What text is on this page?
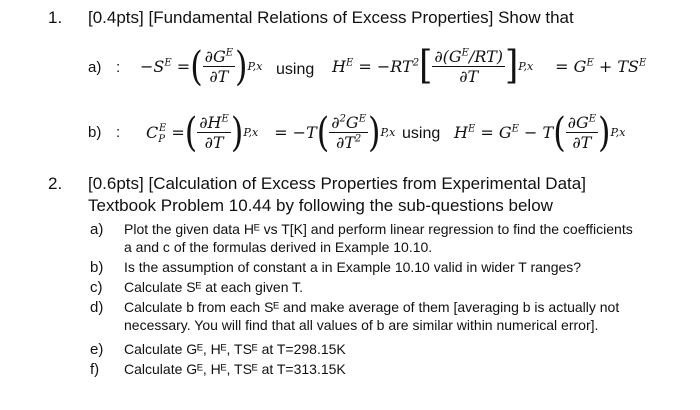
1. [0.4pts] [Fundamental Relations of Excess Properties] Show that
a) : $-S^E$ = ( $\frac{\partial G^E}{\partial T}$ ) P,x using $H^E = -RT^2$ [ $\frac{\partial(G^E/RT)}{\partial T}$ ] $P,x = G^E + TS^E$
b) : $C_P^E$ = ( $\frac{\partial H^E}{\partial T}$ ) P,x = −T ( $\frac{\partial^2G^E}{\partial T^2}$ ) P,x using $H^E = G^E - T$ ( $\frac{\partial G^E}{\partial T}$ ) P,x
2. [0.6pts] [Calculation of Excess Properties from Experimental Data]
Textbook Problem 10.44 by following the sub-questions below
a) Plot the given data Hᴱ vs T[K] and perform linear regression to find the coefficients a and c of the formulas derived in Example 10.10.
b) Is the assumption of constant a in Example 10.10 valid in wider T ranges?
c) Calculate Sᴱ at each given T.
d) Calculate b from each Sᴱ and make average of them [averaging b is actually not necessary. You will find that all values of b are similar within numerical error].
e) Calculate Gᴱ, Hᴱ, TSᴱ at T=298.15K
f) Calculate Gᴱ, Hᴱ, TSᴱ at T=313.15K
